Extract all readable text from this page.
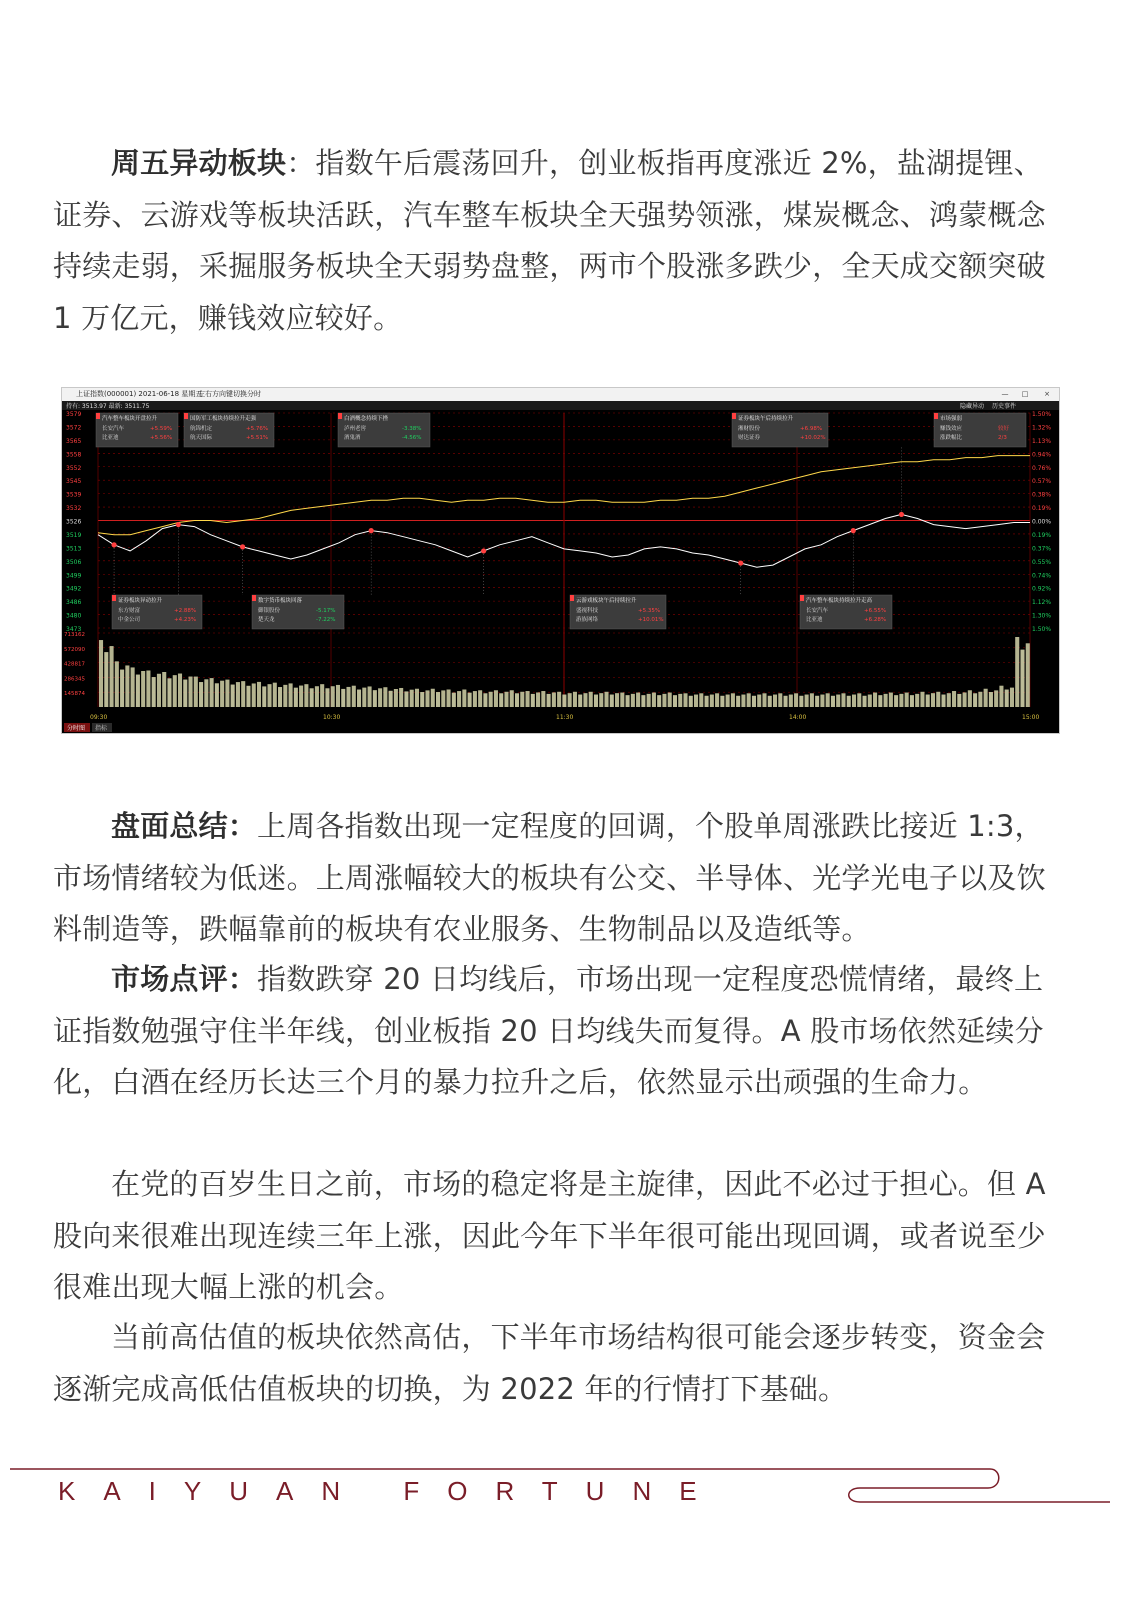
周五异动板块：指数午后震荡回升，创业板指再度涨近 2%，盐湖提锂、证券、云游戏等板块活跃，汽车整车板块全天强势领涨，煤炭概念、鸿蒙概念持续走弱，采掘服务板块全天弱势盘整，两市个股涨多跌少，全天成交额突破 1 万亿元，赚钱效应较好。

上证指数(000001) 2021-06-18 星期五
左右方向键切换分时	—	□	×
3579	1.50%
3572	1.32%
3565	1.13%
3558	0.94%
3552	0.76%
3545	0.57%
3539	0.38%
3532	0.19%
3526	0.00%
3519	0.19%
3513	0.37%
3506	0.55%
3499	0.74%
3492	0.92%
3486	1.12%
3480	1.30%
3473	1.50%
713162
572090
428817
286345
145874
09:30	10:30	11:30	14:00	15:00
汽车整车板块开盘拉升
长安汽车	+5.59%
比亚迪	+5.56%
国防军工板块持续拉升走强
航锦机定	+5.76%
航天国际	+5.51%
白酒概念持续下挫
泸州老窖	-3.38%
酒鬼酒	-4.56%
证券板块午后持续拉升
湘财股份	+6.98%
财达证券	+10.02%
市场强弱
赚钱效应	较好
涨跌幅比	2/3
证券板块异动拉升
东方财富	+2.88%
中金公司	+4.23%
数字货币板块回落
御银股份	-5.17%
楚天龙	-7.22%
云游戏板块午后持续拉升
盛视科技	+5.35%
游族网络	+10.01%
汽车整车板块持续拉升走高
长安汽车	+6.55%
比亚迪	+6.28%
持有: 3513.97 最新: 3511.75	隐藏异动 历史事件
分时图 指标

盘面总结：上周各指数出现一定程度的回调，个股单周涨跌比接近 1:3，市场情绪较为低迷。上周涨幅较大的板块有公交、半导体、光学光电子以及饮料制造等，跌幅靠前的板块有农业服务、生物制品以及造纸等。

市场点评：指数跌穿 20 日均线后，市场出现一定程度恐慌情绪，最终上证指数勉强守住半年线，创业板指 20 日均线失而复得。A 股市场依然延续分化，白酒在经历长达三个月的暴力拉升之后，依然显示出顽强的生命力。

在党的百岁生日之前，市场的稳定将是主旋律，因此不必过于担心。但 A 股向来很难出现连续三年上涨，因此今年下半年很可能出现回调，或者说至少很难出现大幅上涨的机会。

当前高估值的板块依然高估，下半年市场结构很可能会逐步转变，资金会逐渐完成高低估值板块的切换，为 2022 年的行情打下基础。

KAIYUAN FORTUNE
